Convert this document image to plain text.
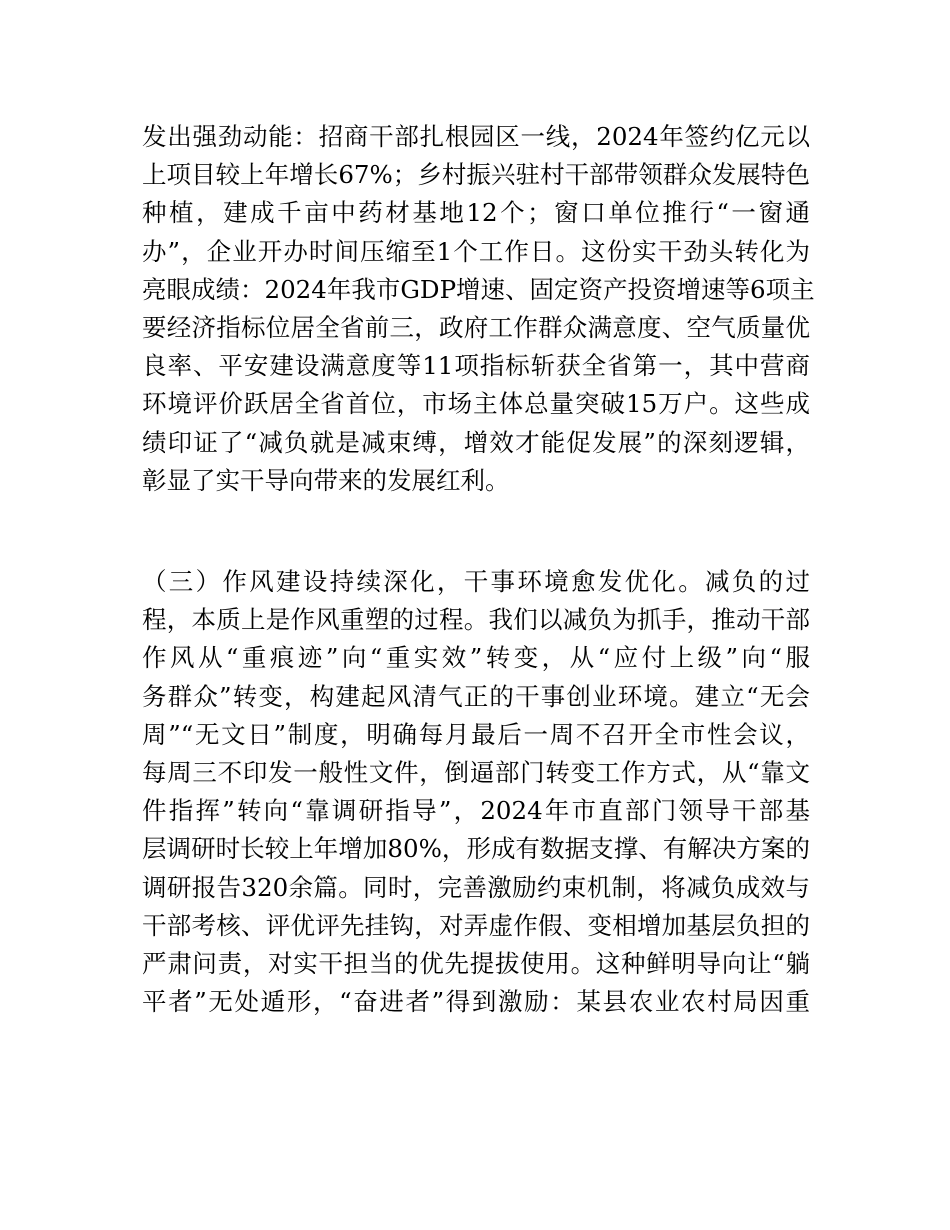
发出强劲动能：招商干部扎根园区一线，2024年签约亿元以
上项目较上年增长67%；乡村振兴驻村干部带领群众发展特色
种植，建成千亩中药材基地12个；窗口单位推行“一窗通
办”，企业开办时间压缩至1个工作日。这份实干劲头转化为
亮眼成绩：2024年我市GDP增速、固定资产投资增速等6项主
要经济指标位居全省前三，政府工作群众满意度、空气质量优
良率、平安建设满意度等11项指标斩获全省第一，其中营商
环境评价跃居全省首位，市场主体总量突破15万户。这些成
绩印证了“减负就是减束缚，增效才能促发展”的深刻逻辑，
彰显了实干导向带来的发展红利。
（三）作风建设持续深化，干事环境愈发优化。减负的过
程，本质上是作风重塑的过程。我们以减负为抓手，推动干部
作风从“重痕迹”向“重实效”转变，从“应付上级”向“服
务群众”转变，构建起风清气正的干事创业环境。建立“无会
周”“无文日”制度，明确每月最后一周不召开全市性会议，
每周三不印发一般性文件，倒逼部门转变工作方式，从“靠文
件指挥”转向“靠调研指导”，2024年市直部门领导干部基
层调研时长较上年增加80%，形成有数据支撑、有解决方案的
调研报告320余篇。同时，完善激励约束机制，将减负成效与
干部考核、评优评先挂钩，对弄虚作假、变相增加基层负担的
严肃问责，对实干担当的优先提拔使用。这种鲜明导向让“躺
平者”无处遁形，“奋进者”得到激励：某县农业农村局因重
